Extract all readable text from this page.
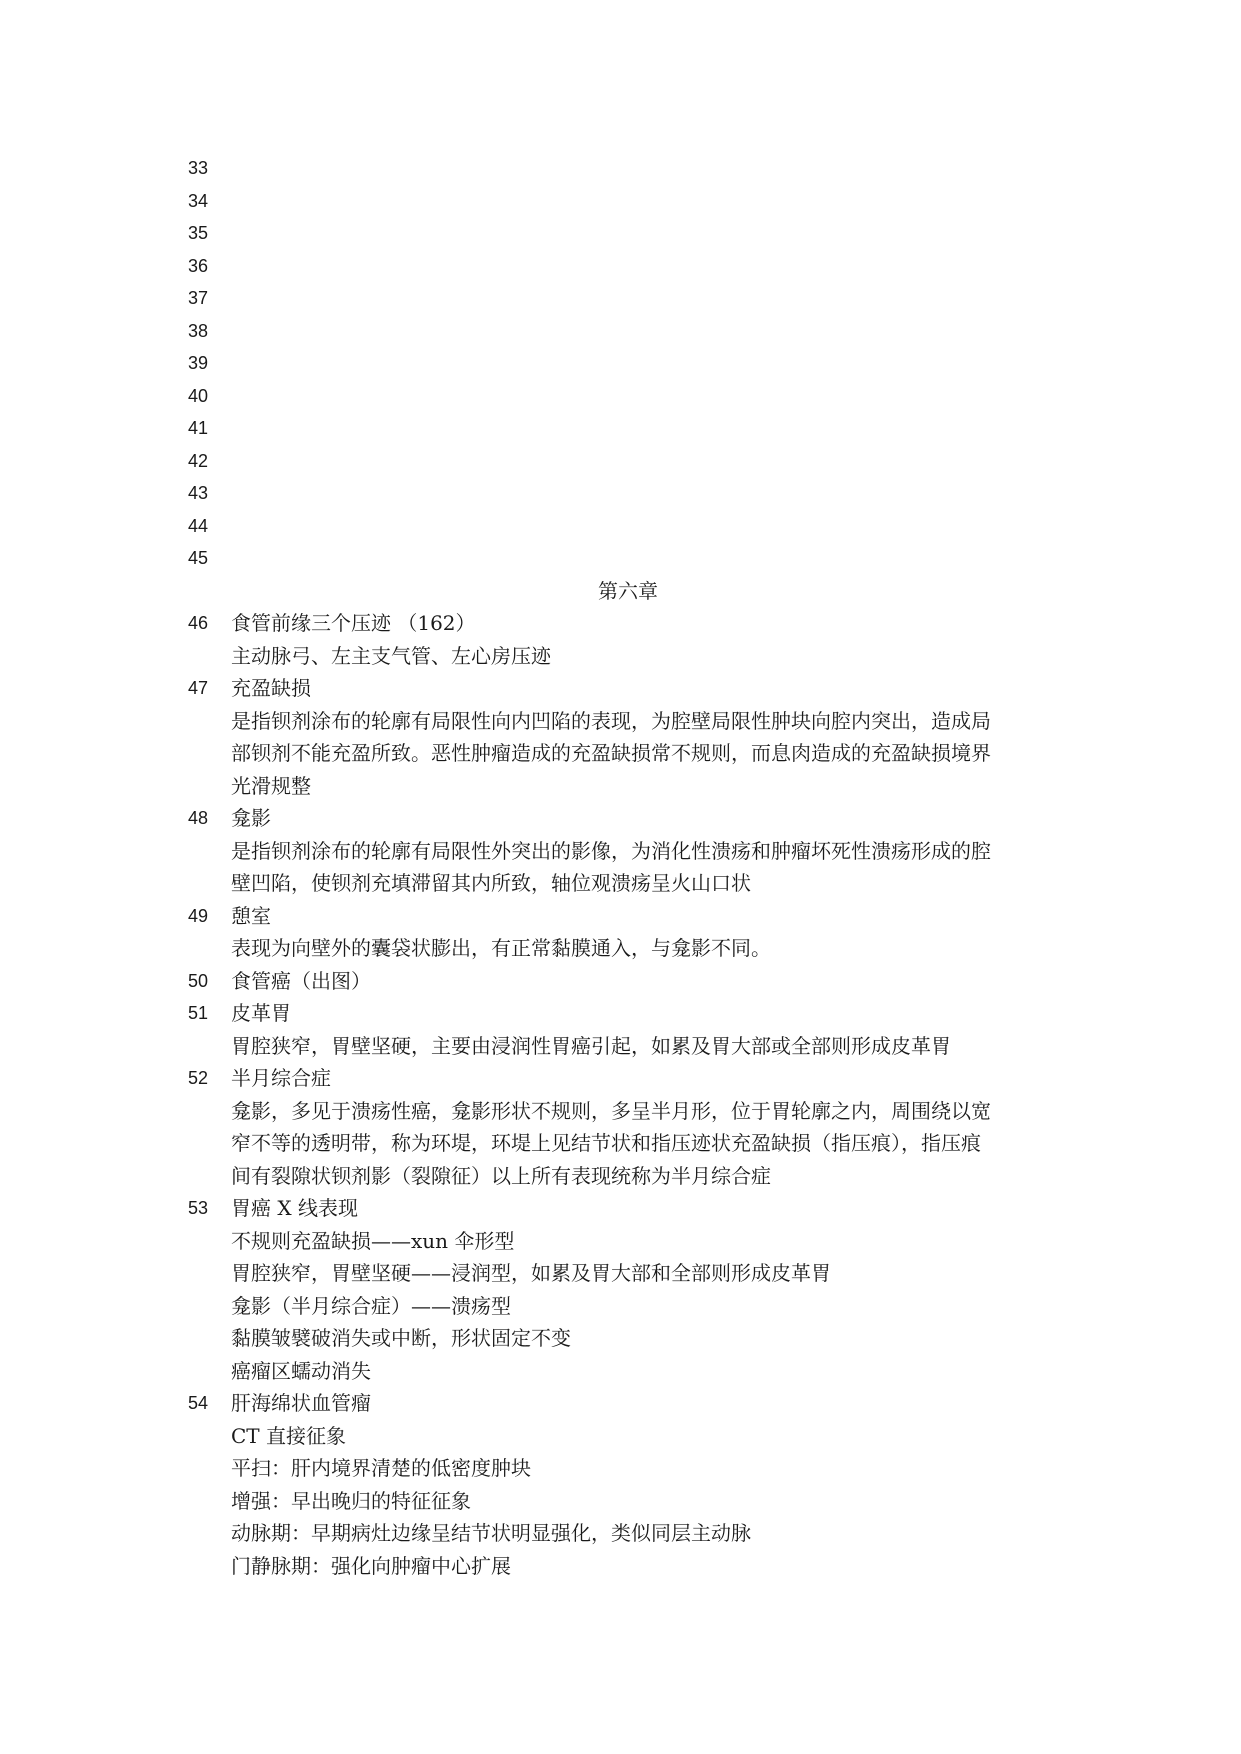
33
34
35
36
37
38
39
40
41
42
43
44
45
第六章
46	食管前缘三个压迹 （162）
主动脉弓、左主支气管、左心房压迹
47	充盈缺损
是指钡剂涂布的轮廓有局限性向内凹陷的表现，为腔壁局限性肿块向腔内突出，造成局
部钡剂不能充盈所致。恶性肿瘤造成的充盈缺损常不规则，而息肉造成的充盈缺损境界
光滑规整
48	龛影
是指钡剂涂布的轮廓有局限性外突出的影像，为消化性溃疡和肿瘤坏死性溃疡形成的腔
壁凹陷，使钡剂充填滞留其内所致，轴位观溃疡呈火山口状
49	憩室
表现为向壁外的囊袋状膨出，有正常黏膜通入，与龛影不同。
50	食管癌（出图）
51	皮革胃
胃腔狭窄，胃壁坚硬，主要由浸润性胃癌引起，如累及胃大部或全部则形成皮革胃
52	半月综合症
龛影，多见于溃疡性癌，龛影形状不规则，多呈半月形，位于胃轮廓之内，周围绕以宽
窄不等的透明带，称为环堤，环堤上见结节状和指压迹状充盈缺损（指压痕），指压痕
间有裂隙状钡剂影（裂隙征）以上所有表现统称为半月综合症
53	胃癌 X 线表现
不规则充盈缺损——xun 伞形型
胃腔狭窄，胃壁坚硬——浸润型，如累及胃大部和全部则形成皮革胃
龛影（半月综合症）——溃疡型
黏膜皱襞破消失或中断，形状固定不变
癌瘤区蠕动消失
54	肝海绵状血管瘤
CT 直接征象
平扫：肝内境界清楚的低密度肿块
增强：早出晚归的特征征象
动脉期：早期病灶边缘呈结节状明显强化，类似同层主动脉
门静脉期：强化向肿瘤中心扩展
